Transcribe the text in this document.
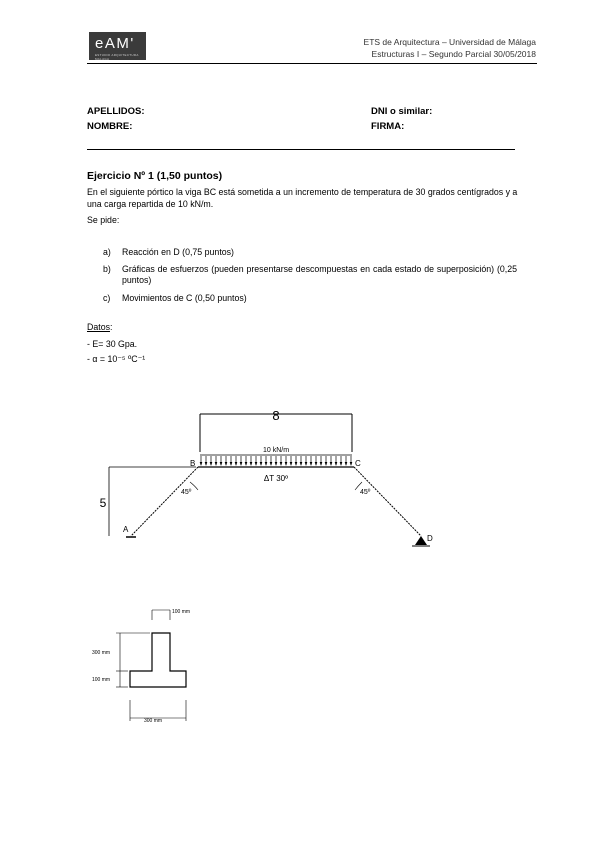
eAM'
ESTUDIO ARQUITECTURA MALAGA
ETS de Arquitectura – Universidad de Málaga
Estructuras I – Segundo Parcial 30/05/2018
APELLIDOS:
NOMBRE:
DNI o similar:
FIRMA:
Ejercicio Nº 1 (1,50 puntos)
En el siguiente pórtico la viga BC está sometida a un incremento de temperatura de 30 grados centígrados y a una carga repartida de 10 kN/m.
Se pide:
a) Reacción en D (0,75 puntos)
b) Gráficas de esfuerzos (pueden presentarse descompuestas en cada estado de superposición) (0,25 puntos)
c) Movimientos de C (0,50 puntos)
Datos:
- E= 30 Gpa.
- α = 10⁻⁵ ºC⁻¹
8
5
10 kN/m
ΔT 30º
45º	45º
B	C
A
D
100 mm
300 mm
100 mm
300 mm
